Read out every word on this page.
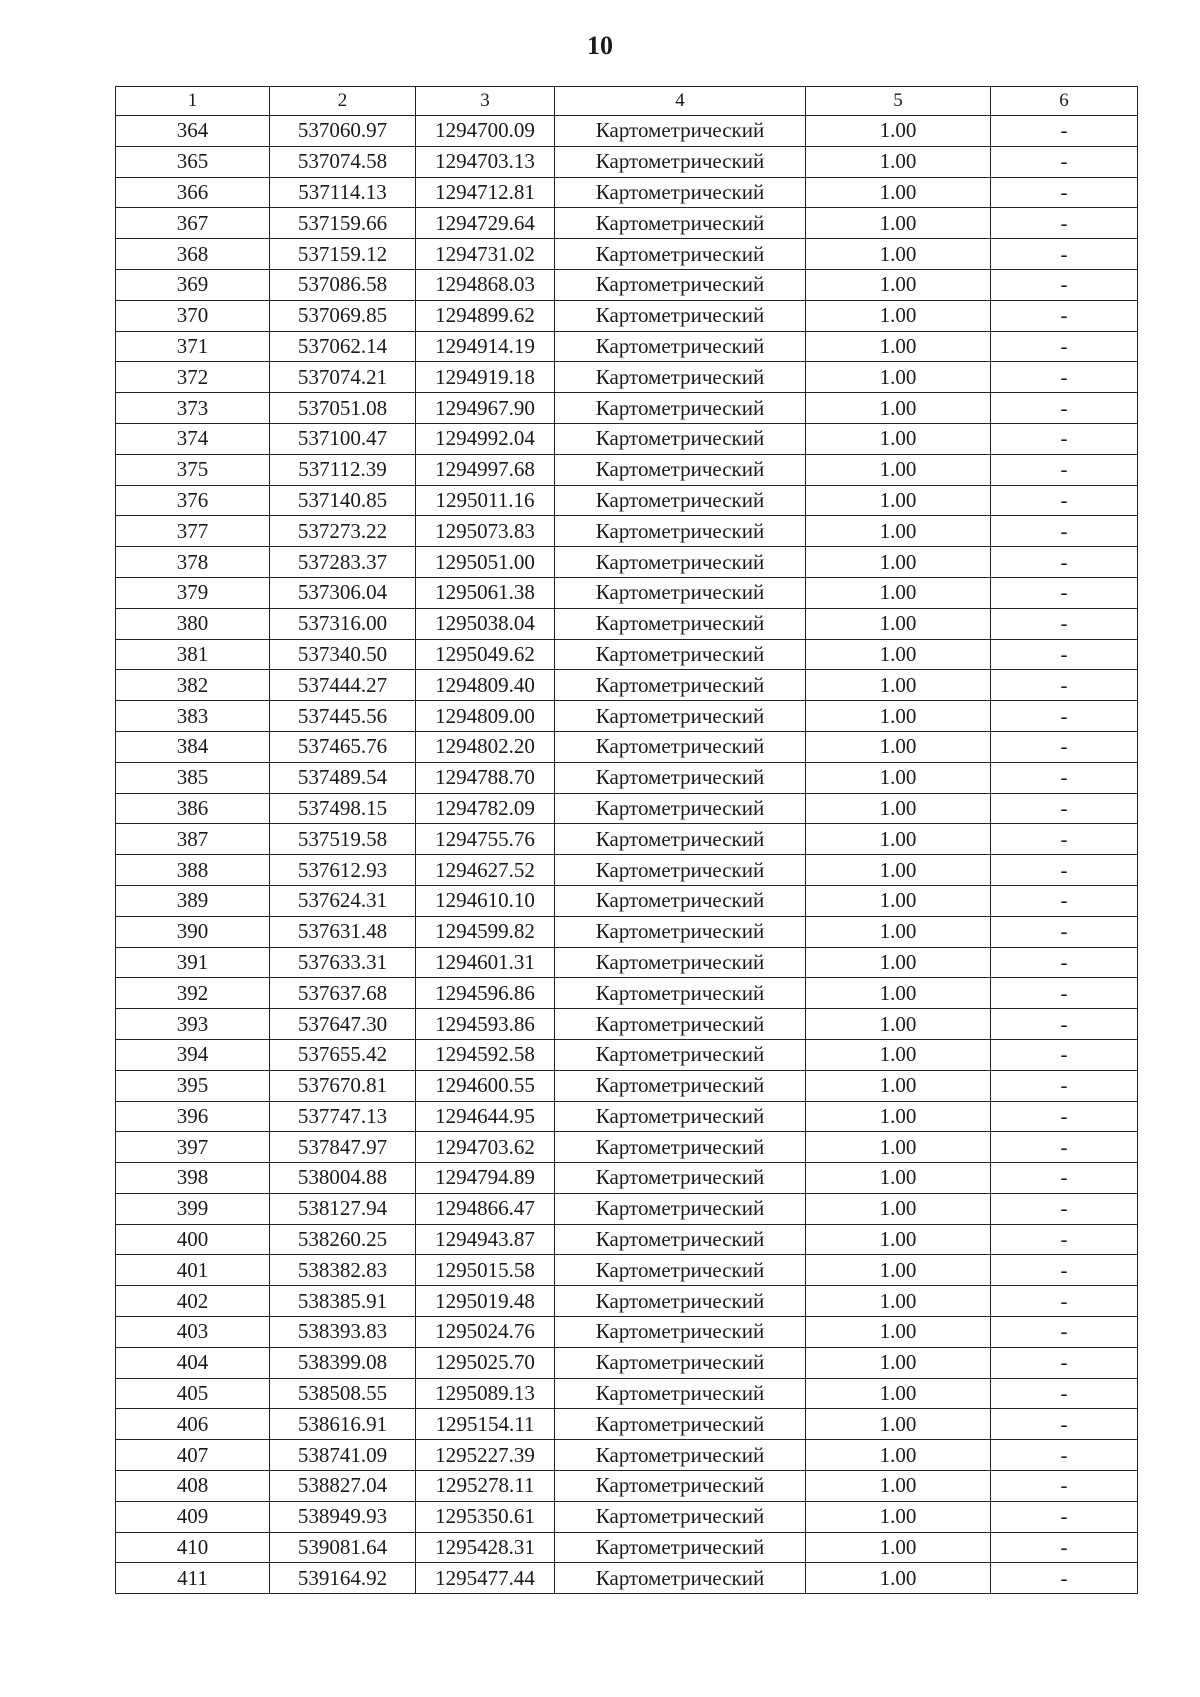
10
1	2	3	4	5	6
364	537060.97	1294700.09	Картометрический	1.00	-
365	537074.58	1294703.13	Картометрический	1.00	-
366	537114.13	1294712.81	Картометрический	1.00	-
367	537159.66	1294729.64	Картометрический	1.00	-
368	537159.12	1294731.02	Картометрический	1.00	-
369	537086.58	1294868.03	Картометрический	1.00	-
370	537069.85	1294899.62	Картометрический	1.00	-
371	537062.14	1294914.19	Картометрический	1.00	-
372	537074.21	1294919.18	Картометрический	1.00	-
373	537051.08	1294967.90	Картометрический	1.00	-
374	537100.47	1294992.04	Картометрический	1.00	-
375	537112.39	1294997.68	Картометрический	1.00	-
376	537140.85	1295011.16	Картометрический	1.00	-
377	537273.22	1295073.83	Картометрический	1.00	-
378	537283.37	1295051.00	Картометрический	1.00	-
379	537306.04	1295061.38	Картометрический	1.00	-
380	537316.00	1295038.04	Картометрический	1.00	-
381	537340.50	1295049.62	Картометрический	1.00	-
382	537444.27	1294809.40	Картометрический	1.00	-
383	537445.56	1294809.00	Картометрический	1.00	-
384	537465.76	1294802.20	Картометрический	1.00	-
385	537489.54	1294788.70	Картометрический	1.00	-
386	537498.15	1294782.09	Картометрический	1.00	-
387	537519.58	1294755.76	Картометрический	1.00	-
388	537612.93	1294627.52	Картометрический	1.00	-
389	537624.31	1294610.10	Картометрический	1.00	-
390	537631.48	1294599.82	Картометрический	1.00	-
391	537633.31	1294601.31	Картометрический	1.00	-
392	537637.68	1294596.86	Картометрический	1.00	-
393	537647.30	1294593.86	Картометрический	1.00	-
394	537655.42	1294592.58	Картометрический	1.00	-
395	537670.81	1294600.55	Картометрический	1.00	-
396	537747.13	1294644.95	Картометрический	1.00	-
397	537847.97	1294703.62	Картометрический	1.00	-
398	538004.88	1294794.89	Картометрический	1.00	-
399	538127.94	1294866.47	Картометрический	1.00	-
400	538260.25	1294943.87	Картометрический	1.00	-
401	538382.83	1295015.58	Картометрический	1.00	-
402	538385.91	1295019.48	Картометрический	1.00	-
403	538393.83	1295024.76	Картометрический	1.00	-
404	538399.08	1295025.70	Картометрический	1.00	-
405	538508.55	1295089.13	Картометрический	1.00	-
406	538616.91	1295154.11	Картометрический	1.00	-
407	538741.09	1295227.39	Картометрический	1.00	-
408	538827.04	1295278.11	Картометрический	1.00	-
409	538949.93	1295350.61	Картометрический	1.00	-
410	539081.64	1295428.31	Картометрический	1.00	-
411	539164.92	1295477.44	Картометрический	1.00	-
